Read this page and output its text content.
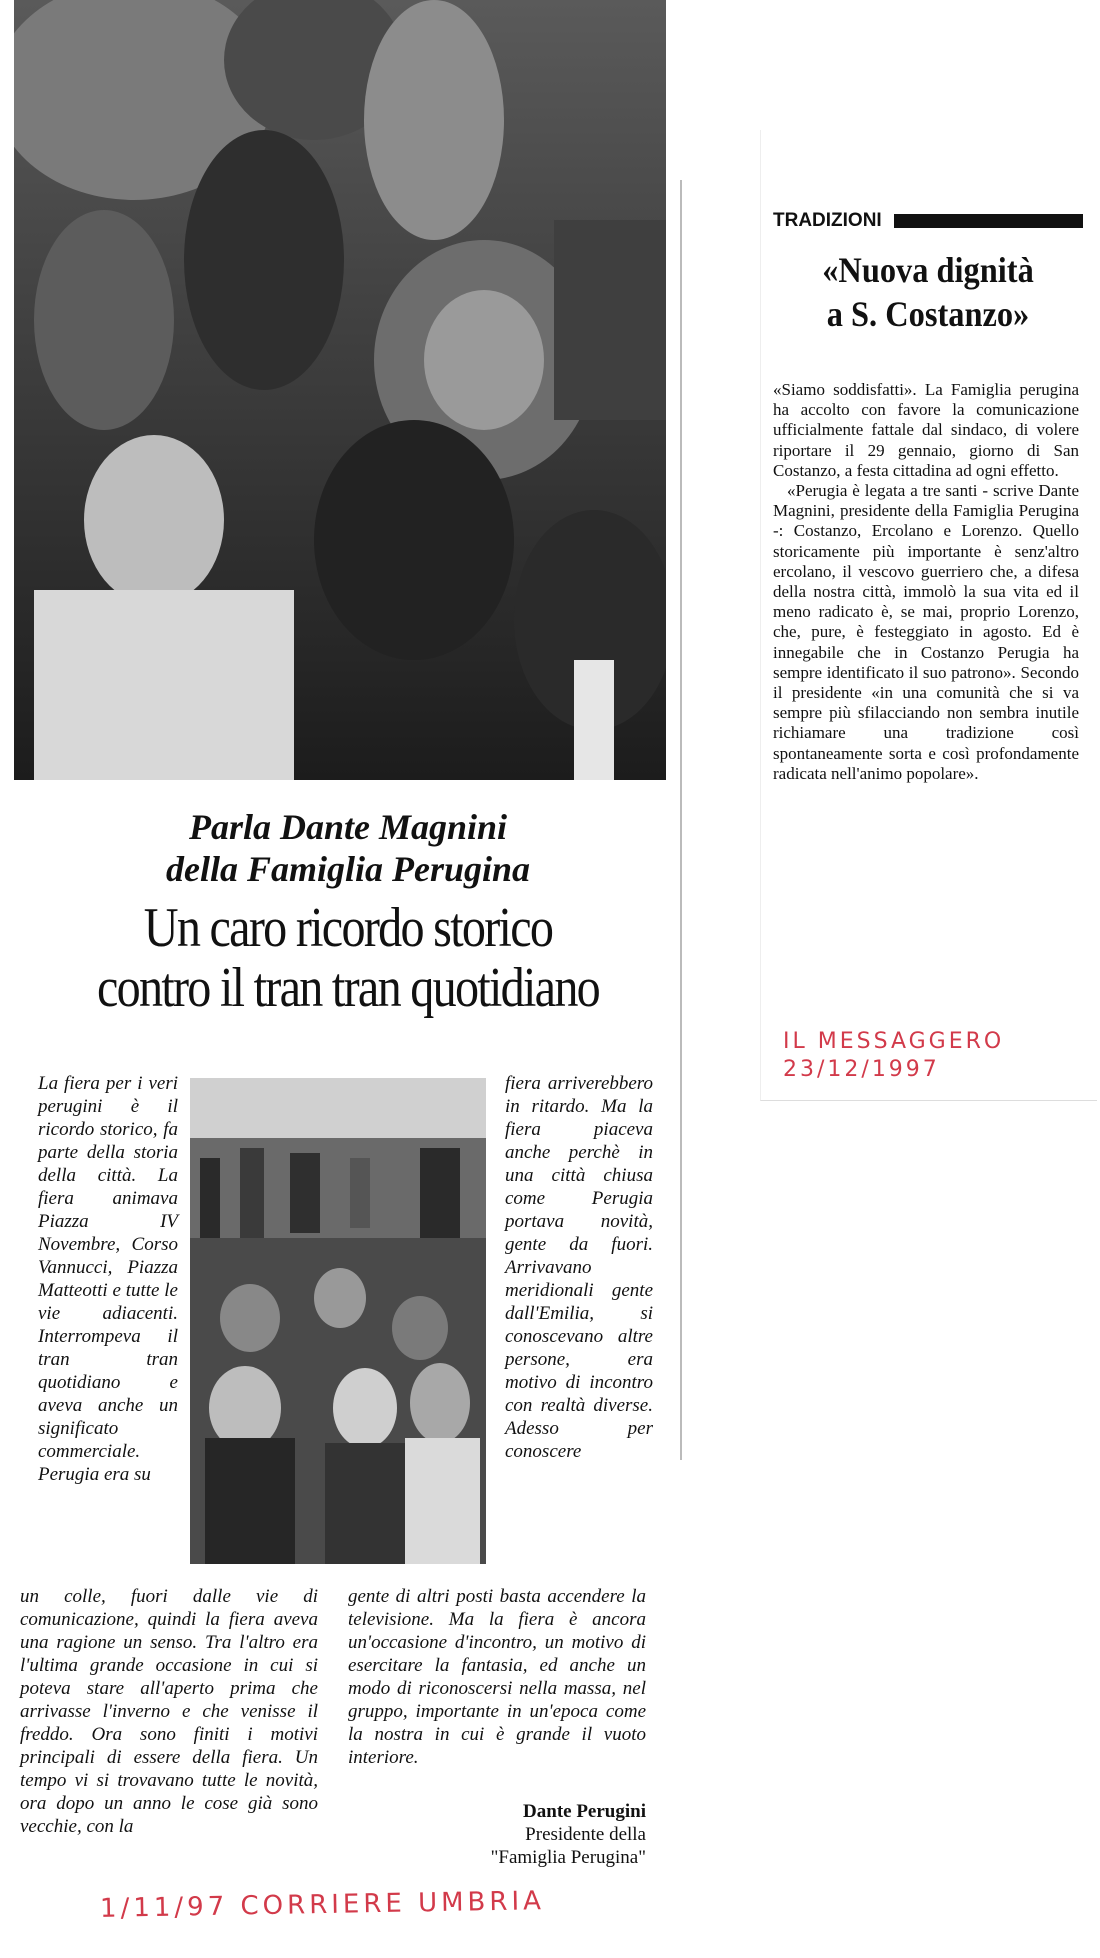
Parla Dante Magnini

della Famiglia Perugina

Un caro ricordo storico

contro il tran tran quotidiano

La fiera per i veri perugini è il ricordo storico, fa parte della storia della città. La fiera animava Piazza IV Novembre, Corso Vannucci, Piazza Matteotti e tutte le vie adiacenti. Interrompeva il tran tran quotidiano e aveva anche un significato commerciale. Perugia era su

fiera arriverebbero in ritardo. Ma la fiera piaceva anche perchè in una città chiusa come Perugia portava novità, gente da fuori. Arrivavano meridionali gente dall'Emilia, si conoscevano altre persone, era motivo di incontro con realtà diverse. Adesso per conoscere

un colle, fuori dalle vie di comunicazione, quindi la fiera aveva una ragione un senso. Tra l'altro era l'ultima grande occasione in cui si poteva stare all'aperto prima che arrivasse l'inverno e che venisse il freddo. Ora sono finiti i motivi principali di essere della fiera. Un tempo vi si trovavano tutte le novità, ora dopo un anno le cose già sono vecchie, con la

gente di altri posti basta accendere la televisione. Ma la fiera è ancora un'occasione d'incontro, un motivo di esercitare la fantasia, ed anche un modo di riconoscersi nella massa, nel gruppo, importante in un'epoca come la nostra in cui è grande il vuoto interiore.

Dante Perugini
Presidente della
"Famiglia Perugina"
1/11/97 CORRIERE UMBRIA
TRADIZIONI
«Nuova dignità
a S. Costanzo»

«Siamo soddisfatti». La Famiglia perugina ha accolto con favore la comunicazione ufficialmente fattale dal sindaco, di volere riportare il 29 gennaio, giorno di San Costanzo, a festa cittadina ad ogni effetto.

«Perugia è legata a tre santi - scrive Dante Magnini, presidente della Famiglia Perugina -: Costanzo, Ercolano e Lorenzo. Quello storicamente più importante è senz'altro ercolano, il vescovo guerriero che, a difesa della nostra città, immolò la sua vita ed il meno radicato è, se mai, proprio Lorenzo, che, pure, è festeggiato in agosto. Ed è innegabile che in Costanzo Perugia ha sempre identificato il suo patrono». Secondo il presidente «in una comunità che si va sempre più sfilacciando non sembra inutile richiamare una tradizione così spontaneamente sorta e così profondamente radicata nell'animo popolare».

IL MESSAGGERO
23/12/1997
